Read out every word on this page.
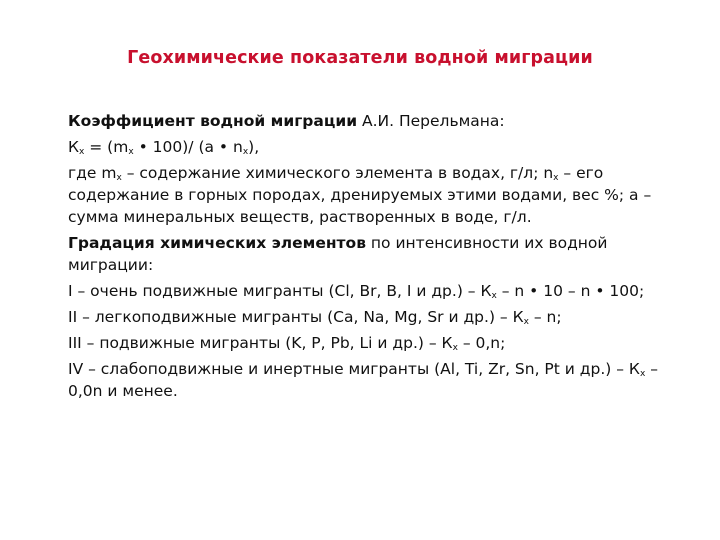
Геохимические показатели водной миграции

Коэффициент водной миграции А.И. Перельмана:

$К_x = (m_x$ • 100)/ (а • $n_x$),

где $m_x$ – содержание химического элемента в водах, г/л; $n_x$ – его содержание в горных породах, дренируемых этими водами, вес %; а – сумма минеральных веществ, растворенных в воде, г/л.

Градация химических элементов по интенсивности их водной миграции:

I – очень подвижные мигранты (Cl, Br, B, I и $др.) - К_x$ – n • 10 – n • 100;

II – легкоподвижные мигранты (Ca, Na, Mg, Sr и $др.) - К_x$ – n;

III – подвижные мигранты (K, P, Pb, Li и $др.) - К_x - 0,n$;

IV – слабоподвижные и инертные мигранты (Al, Ti, Zr, Sn, Pt и $др.) - К_x - 0,0n$ и менее.
